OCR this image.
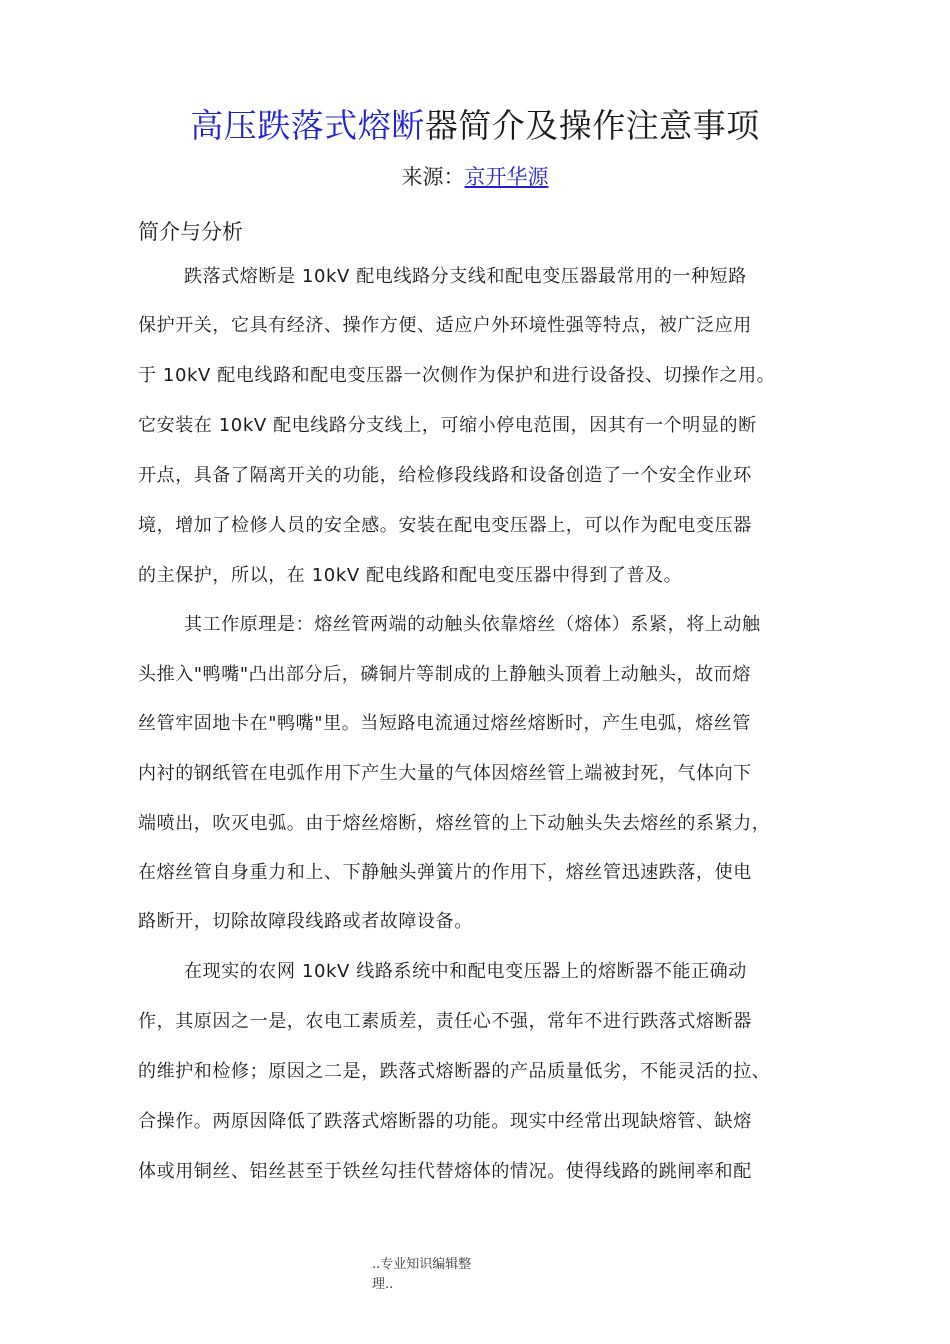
高压跌落式熔断器简介及操作注意事项
来源：京开华源
简介与分析
跌落式熔断是 10kV 配电线路分支线和配电变压器最常用的一种短路
保护开关，它具有经济、操作方便、适应户外环境性强等特点，被广泛应用
于 10kV 配电线路和配电变压器一次侧作为保护和进行设备投、切操作之用。
它安装在 10kV 配电线路分支线上，可缩小停电范围，因其有一个明显的断
开点，具备了隔离开关的功能，给检修段线路和设备创造了一个安全作业环
境，增加了检修人员的安全感。安装在配电变压器上，可以作为配电变压器
的主保护，所以，在 10kV 配电线路和配电变压器中得到了普及。
其工作原理是：熔丝管两端的动触头依靠熔丝（熔体）系紧，将上动触
头推入"鸭嘴"凸出部分后，磷铜片等制成的上静触头顶着上动触头，故而熔
丝管牢固地卡在"鸭嘴"里。当短路电流通过熔丝熔断时，产生电弧，熔丝管
内衬的钢纸管在电弧作用下产生大量的气体因熔丝管上端被封死，气体向下
端喷出，吹灭电弧。由于熔丝熔断，熔丝管的上下动触头失去熔丝的系紧力，
在熔丝管自身重力和上、下静触头弹簧片的作用下，熔丝管迅速跌落，使电
路断开，切除故障段线路或者故障设备。
在现实的农网 10kV 线路系统中和配电变压器上的熔断器不能正确动
作，其原因之一是，农电工素质差，责任心不强，常年不进行跌落式熔断器
的维护和检修；原因之二是，跌落式熔断器的产品质量低劣，不能灵活的拉、
合操作。两原因降低了跌落式熔断器的功能。现实中经常出现缺熔管、缺熔
体或用铜丝、铝丝甚至于铁丝勾挂代替熔体的情况。使得线路的跳闸率和配
..专业知识编辑整
理..
